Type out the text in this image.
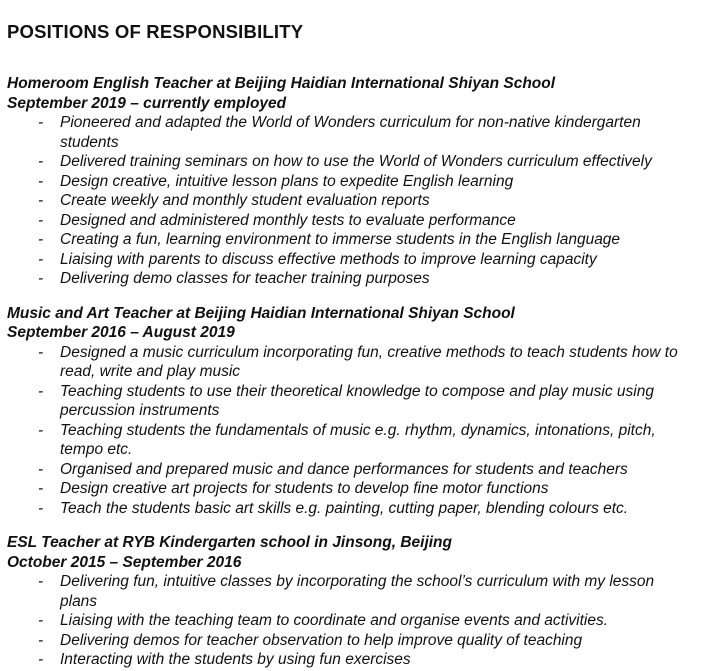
POSITIONS OF RESPONSIBILITY
Homeroom English Teacher at Beijing Haidian International Shiyan School
September 2019 – currently employed
-	Pioneered and adapted the World of Wonders curriculum for non-native kindergarten students
-	Delivered training seminars on how to use the World of Wonders curriculum effectively
-	Design creative, intuitive lesson plans to expedite English learning
-	Create weekly and monthly student evaluation reports
-	Designed and administered monthly tests to evaluate performance
-	Creating a fun, learning environment to immerse students in the English language
-	Liaising with parents to discuss effective methods to improve learning capacity
-	Delivering demo classes for teacher training purposes
Music and Art Teacher at Beijing Haidian International Shiyan School
September 2016 – August 2019
-	Designed a music curriculum incorporating fun, creative methods to teach students how to read, write and play music
-	Teaching students to use their theoretical knowledge to compose and play music using percussion instruments
-	Teaching students the fundamentals of music e.g. rhythm, dynamics, intonations, pitch, tempo etc.
-	Organised and prepared music and dance performances for students and teachers
-	Design creative art projects for students to develop fine motor functions
-	Teach the students basic art skills e.g. painting, cutting paper, blending colours etc.
ESL Teacher at RYB Kindergarten school in Jinsong, Beijing
October 2015 – September 2016
-	Delivering fun, intuitive classes by incorporating the school’s curriculum with my lesson plans
-	Liaising with the teaching team to coordinate and organise events and activities.
-	Delivering demos for teacher observation to help improve quality of teaching
-	Interacting with the students by using fun exercises
